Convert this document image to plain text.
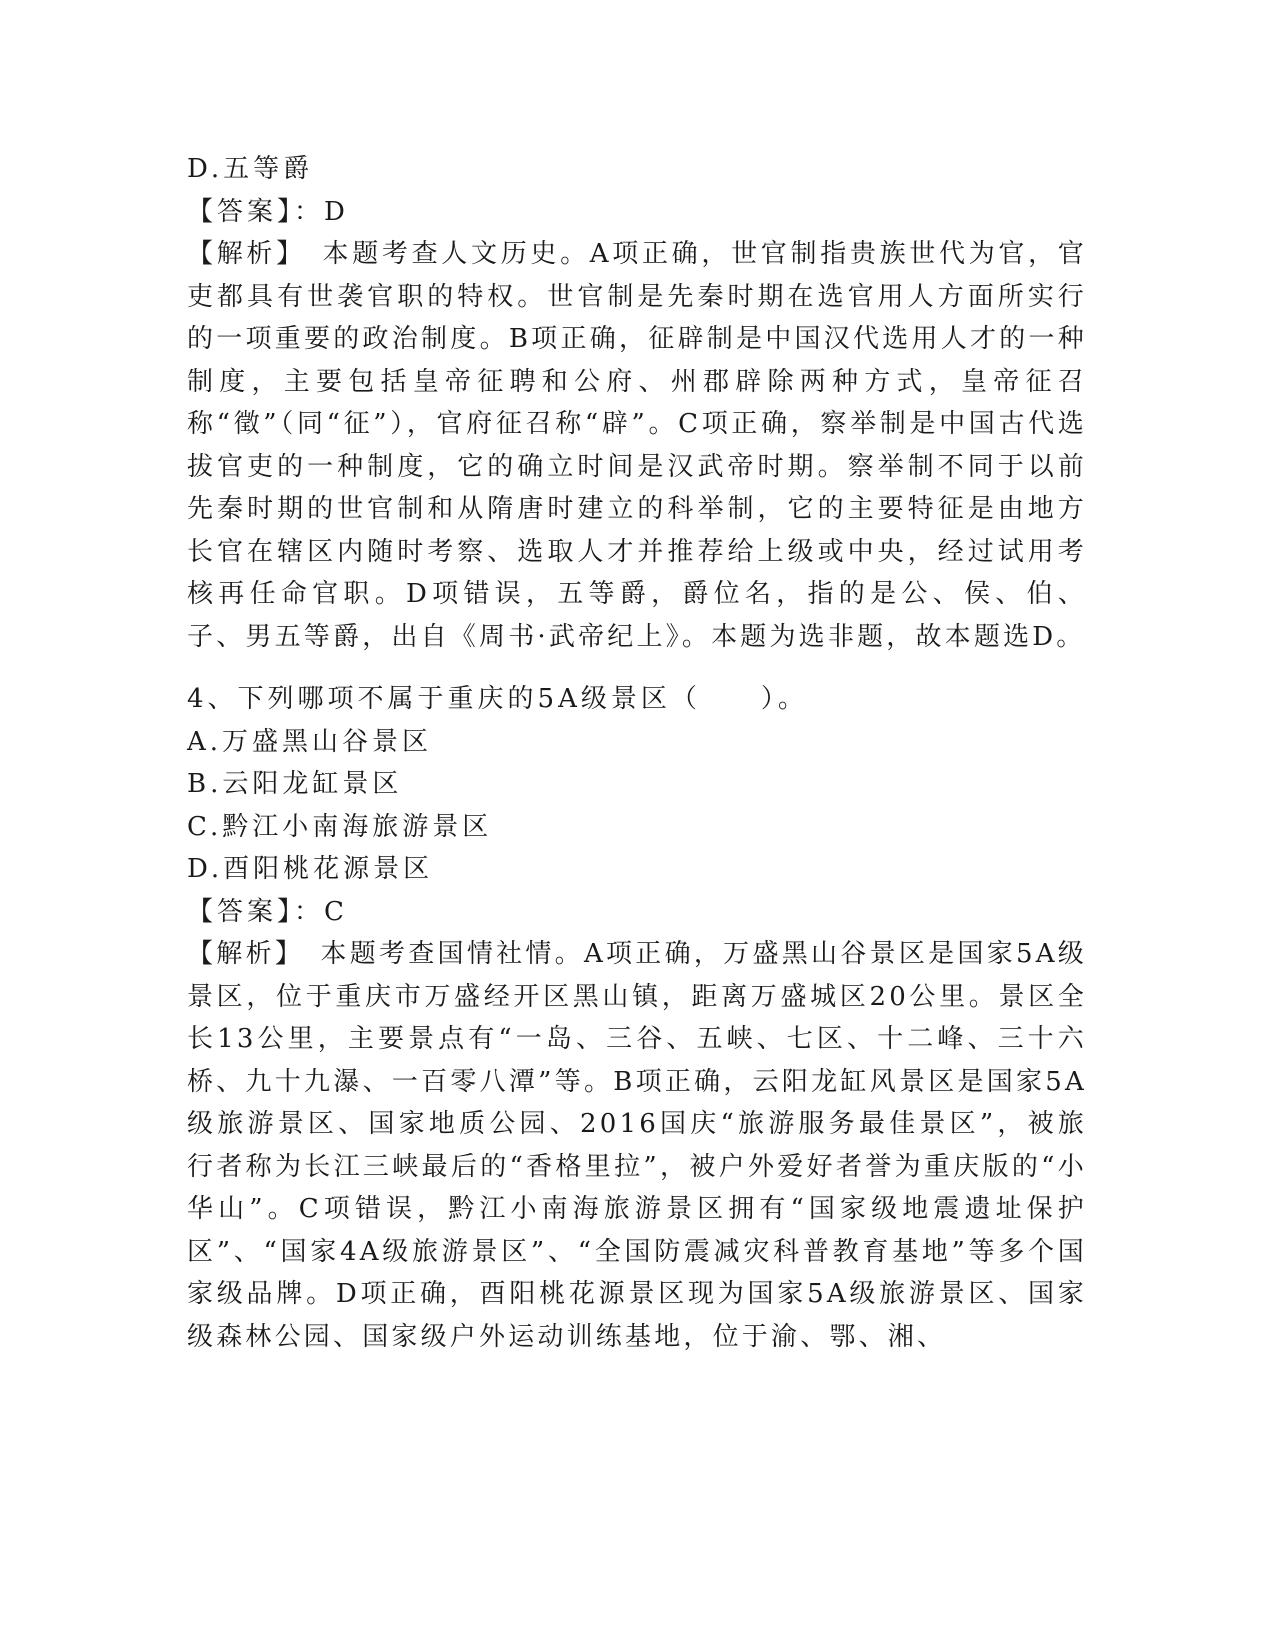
D.五等爵

【答案】：D

【解析】　本题考查人文历史。A项正确，世官制指贵族世代为官，官吏都具有世袭官职的特权。世官制是先秦时期在选官用人方面所实行的一项重要的政治制度。B项正确，征辟制是中国汉代选用人才的一种制度，主要包括皇帝征聘和公府、州郡辟除两种方式，皇帝征召称“徵”（同“征”），官府征召称“辟”。C项正确，察举制是中国古代选拔官吏的一种制度，它的确立时间是汉武帝时期。察举制不同于以前先秦时期的世官制和从隋唐时建立的科举制，它的主要特征是由地方长官在辖区内随时考察、选取人才并推荐给上级或中央，经过试用考核再任命官职。D项错误，五等爵，爵位名，指的是公、侯、伯、子、男五等爵，出自《周书·武帝纪上》。本题为选非题，故本题选D。

4、下列哪项不属于重庆的5A级景区（　　）。

A.万盛黑山谷景区

B.云阳龙缸景区

C.黔江小南海旅游景区

D.酉阳桃花源景区

【答案】：C

【解析】　本题考查国情社情。A项正确，万盛黑山谷景区是国家5A级景区，位于重庆市万盛经开区黑山镇，距离万盛城区20公里。景区全长13公里，主要景点有“一岛、三谷、五峡、七区、十二峰、三十六桥、九十九瀑、一百零八潭”等。B项正确，云阳龙缸风景区是国家5A级旅游景区、国家地质公园、2016国庆“旅游服务最佳景区”，被旅行者称为长江三峡最后的“香格里拉”，被户外爱好者誉为重庆版的“小华山”。C项错误，黔江小南海旅游景区拥有“国家级地震遗址保护区”、“国家4A级旅游景区”、“全国防震减灾科普教育基地”等多个国家级品牌。D项正确，酉阳桃花源景区现为国家5A级旅游景区、国家级森林公园、国家级户外运动训练基地，位于渝、鄂、湘、
